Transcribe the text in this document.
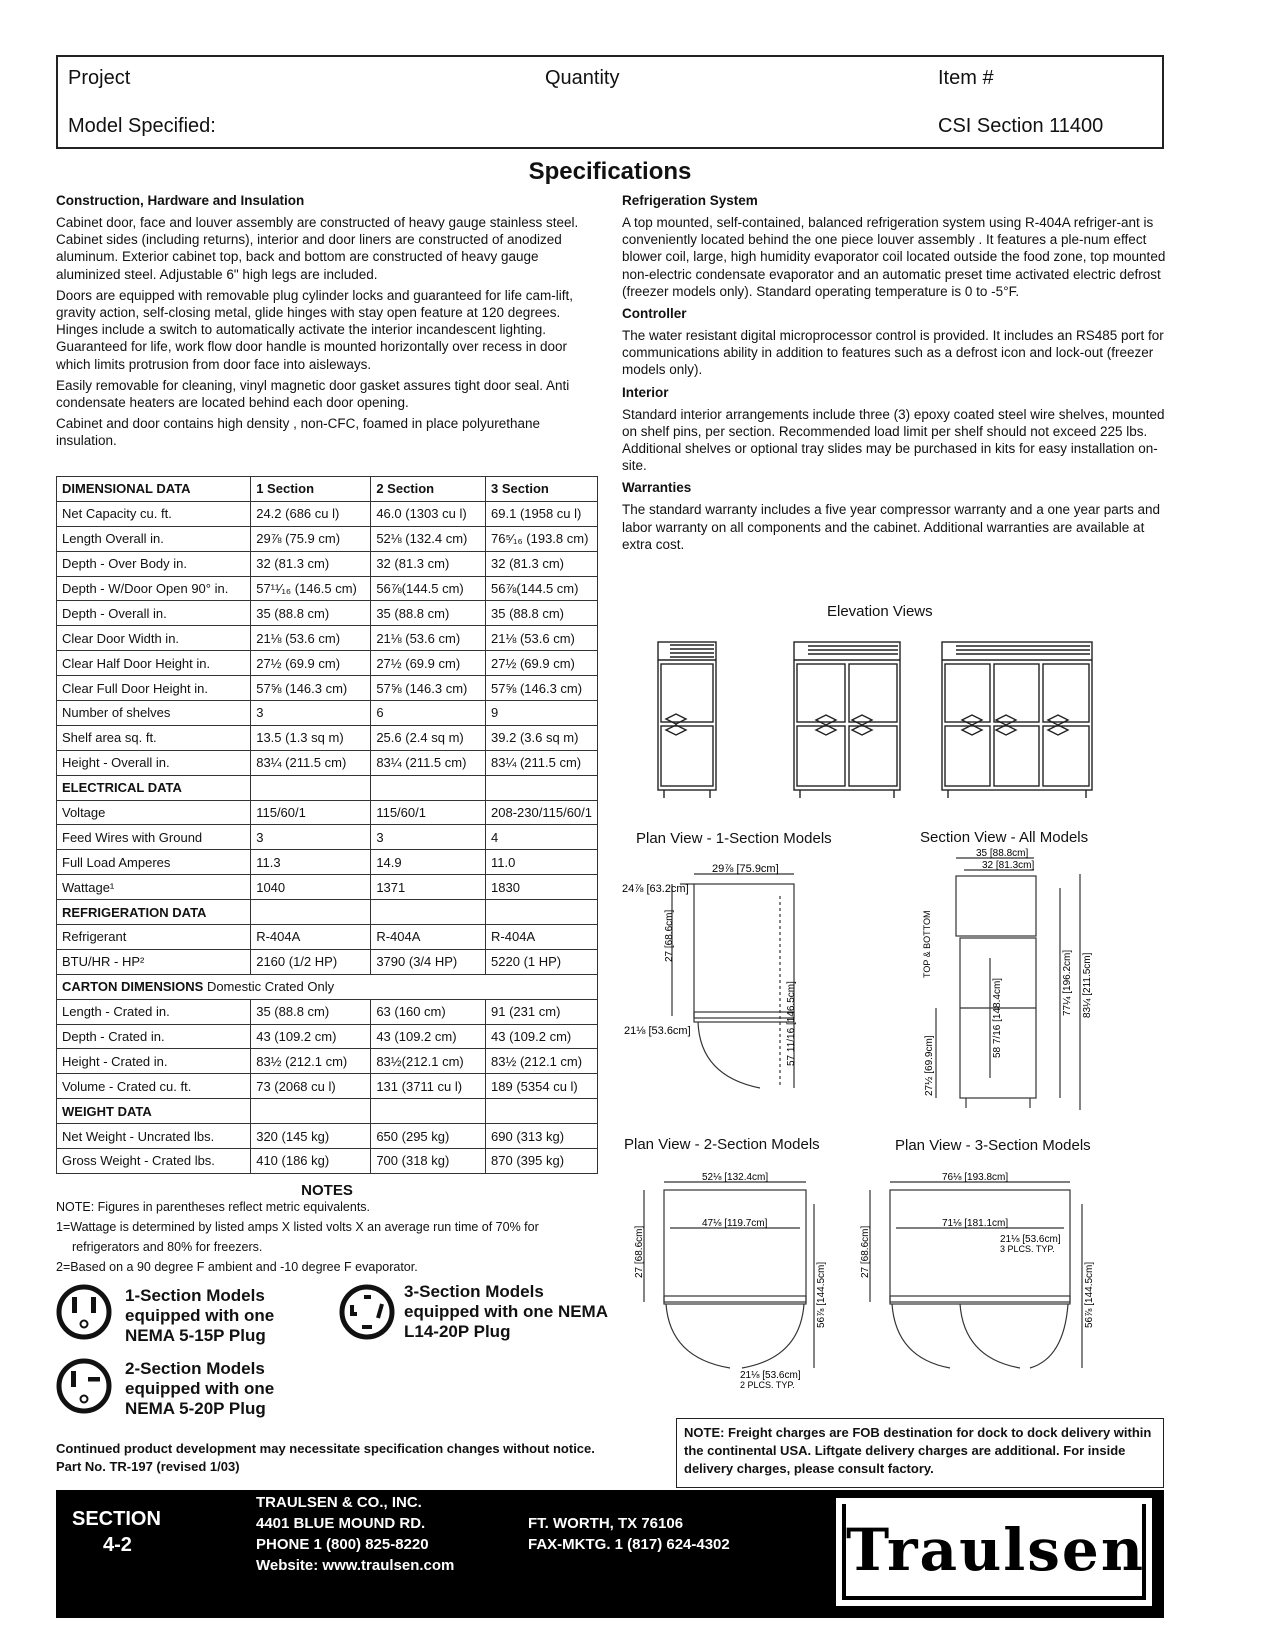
Project	Quantity	Item #
Model Specified:	CSI Section 11400
Specifications
Construction, Hardware and Insulation
Cabinet door, face and louver assembly are constructed of heavy gauge stainless steel. Cabinet sides (including returns), interior and door liners are constructed of anodized aluminum. Exterior cabinet top, back and bottom are constructed of heavy gauge aluminized steel. Adjustable 6" high legs are included.
Doors are equipped with removable plug cylinder locks and guaranteed for life cam-lift, gravity action, self-closing metal, glide hinges with stay open feature at 120 degrees. Hinges include a switch to automatically activate the interior incandescent lighting. Guaranteed for life, work flow door handle is mounted horizontally over recess in door which limits protrusion from door face into aisleways.
Easily removable for cleaning, vinyl magnetic door gasket assures tight door seal. Anti condensate heaters are located behind each door opening.
Cabinet and door contains high density , non-CFC, foamed in place polyurethane insulation.
DIMENSIONAL DATA	1 Section	2 Section	3 Section
Net Capacity cu. ft.	24.2 (686 cu l)	46.0 (1303 cu l)	69.1 (1958 cu l)
Length Overall in.	29⅞ (75.9 cm)	52⅛ (132.4 cm)	76⁵⁄₁₆ (193.8 cm)
Depth - Over Body in.	32 (81.3 cm)	32 (81.3 cm)	32 (81.3 cm)
Depth - W/Door Open 90° in.	57¹¹⁄₁₆ (146.5 cm)	56⅞(144.5 cm)	56⅞(144.5 cm)
Depth - Overall in.	35 (88.8 cm)	35 (88.8 cm)	35 (88.8 cm)
Clear Door Width in.	21⅛ (53.6 cm)	21⅛ (53.6 cm)	21⅛ (53.6 cm)
Clear Half Door Height in.	27½ (69.9 cm)	27½ (69.9 cm)	27½ (69.9 cm)
Clear Full Door Height in.	57⅝ (146.3 cm)	57⅝ (146.3 cm)	57⅝ (146.3 cm)
Number of shelves	3	6	9
Shelf area sq. ft.	13.5 (1.3 sq m)	25.6 (2.4 sq m)	39.2 (3.6 sq m)
Height - Overall in.	83¼ (211.5 cm)	83¼ (211.5 cm)	83¼ (211.5 cm)
ELECTRICAL DATA			
Voltage	115/60/1	115/60/1	208-230/115/60/1
Feed Wires with Ground	3	3	4
Full Load Amperes	11.3	14.9	11.0
Wattage¹	1040	1371	1830
REFRIGERATION DATA			
Refrigerant	R-404A	R-404A	R-404A
BTU/HR - HP²	2160 (1/2 HP)	3790 (3/4 HP)	5220 (1 HP)
CARTON DIMENSIONS Domestic Crated Only			
Length - Crated in.	35 (88.8 cm)	63 (160 cm)	91 (231 cm)
Depth - Crated in.	43 (109.2 cm)	43 (109.2 cm)	43 (109.2 cm)
Height - Crated in.	83½ (212.1 cm)	83½(212.1 cm)	83½ (212.1 cm)
Volume - Crated cu. ft.	73 (2068 cu l)	131 (3711 cu l)	189 (5354 cu l)
WEIGHT DATA			
Net Weight - Uncrated lbs.	320 (145 kg)	650 (295 kg)	690 (313 kg)
Gross Weight - Crated lbs.	410 (186 kg)	700 (318 kg)	870 (395 kg)
NOTES
NOTE: Figures in parentheses reflect metric equivalents.
1=Wattage is determined by listed amps X listed volts X an average run time of 70% for
refrigerators and 80% for freezers.
2=Based on a 90 degree F ambient and -10 degree F evaporator.
1-Section Models
equipped with one
NEMA 5-15P Plug
2-Section Models
equipped with one
NEMA 5-20P Plug
3-Section Models
equipped with one NEMA
L14-20P Plug
Continued product development may necessitate specification changes without notice.
Part No. TR-197 (revised 1/03)
Refrigeration System
A top mounted, self-contained, balanced refrigeration system using R-404A refriger-ant is conveniently located behind the one piece louver assembly . It features a ple-num effect blower coil, large, high humidity evaporator coil located outside the food zone, top mounted non-electric condensate evaporator and an automatic preset time activated electric defrost (freezer models only). Standard operating temperature is 0 to -5°F.
Controller
The water resistant digital microprocessor control is provided. It includes an RS485 port for communications ability in addition to features such as a defrost icon and lock-out (freezer models only).
Interior
Standard interior arrangements include three (3) epoxy coated steel wire shelves, mounted on shelf pins, per section. Recommended load limit per shelf should not exceed 225 lbs. Additional shelves or optional tray slides may be purchased in kits for easy installation on-site.
Warranties
The standard warranty includes a five year compressor warranty and a one year parts and labor warranty on all components and the cabinet. Additional warranties are available at extra cost.
Elevation Views
Plan View - 1-Section Models	Section View - All Models
Plan View - 2-Section Models	Plan View - 3-Section Models
29⅞ [75.9cm]
24⅞ [63.2cm]
27 [68.6cm]
57 11/16 [146.5cm]
21⅛ [53.6cm]
35 [88.8cm]
32 [81.3cm]
TOP & BOTTOM
58 7/16 [148.4cm]	77¼ [196.2cm] 83¼ [211.5cm]
27½ [69.9cm]
52⅛ [132.4cm]
47⅛ [119.7cm]
27 [68.6cm]
56⅞ [144.5cm]
21⅛ [53.6cm]
2 PLCS. TYP.
76⅛ [193.8cm]
71⅛ [181.1cm]
21⅛ [53.6cm]
3 PLCS. TYP.
27 [68.6cm]
56⅞ [144.5cm]
NOTE: Freight charges are FOB destination for dock to dock delivery within the continental USA. Liftgate delivery charges are additional. For inside delivery charges, please consult factory.
SECTION
4-2
TRAULSEN & CO., INC.
4401 BLUE MOUND RD.
PHONE 1 (800) 825-8220
Website: www.traulsen.com
FT. WORTH, TX 76106
FAX-MKTG. 1 (817) 624-4302 Traulsen
